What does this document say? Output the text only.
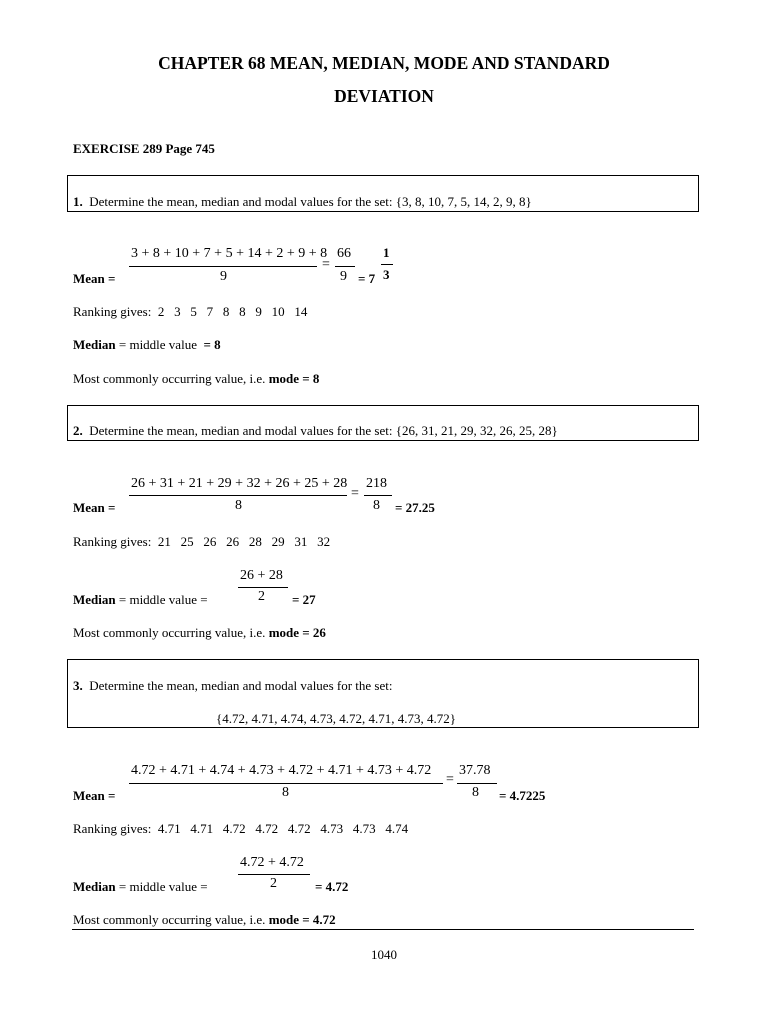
CHAPTER 68 MEAN, MEDIAN, MODE AND STANDARD
DEVIATION
EXERCISE 289 Page 745
1. Determine the mean, median and modal values for the set: {3, 8, 10, 7, 5, 14, 2, 9, 8}
3 + 8 + 10 + 7 + 5 + 14 + 2 + 9 + 8
9
=
66
9
Mean =	= 7
1
3
Ranking gives: 2   3   5   7   8   8   9   10   14
Median = middle value  = 8
Most commonly occurring value, i.e. mode = 8
2. Determine the mean, median and modal values for the set: {26, 31, 21, 29, 32, 26, 25, 28}
26 + 31 + 21 + 29 + 32 + 26 + 25 + 28
8
=
218
8
Mean =	= 27.25
Ranking gives: 21   25   26   26   28   29   31   32
26 + 28
2
Median = middle value =	= 27
Most commonly occurring value, i.e. mode = 26
3. Determine the mean, median and modal values for the set:
{4.72, 4.71, 4.74, 4.73, 4.72, 4.71, 4.73, 4.72}
4.72 + 4.71 + 4.74 + 4.73 + 4.72 + 4.71 + 4.73 + 4.72
8
=
37.78
8
Mean =	= 4.7225
Ranking gives: 4.71   4.71   4.72   4.72   4.72   4.73   4.73   4.74
4.72 + 4.72
2
Median = middle value =	= 4.72
Most commonly occurring value, i.e. mode = 4.72
1040
